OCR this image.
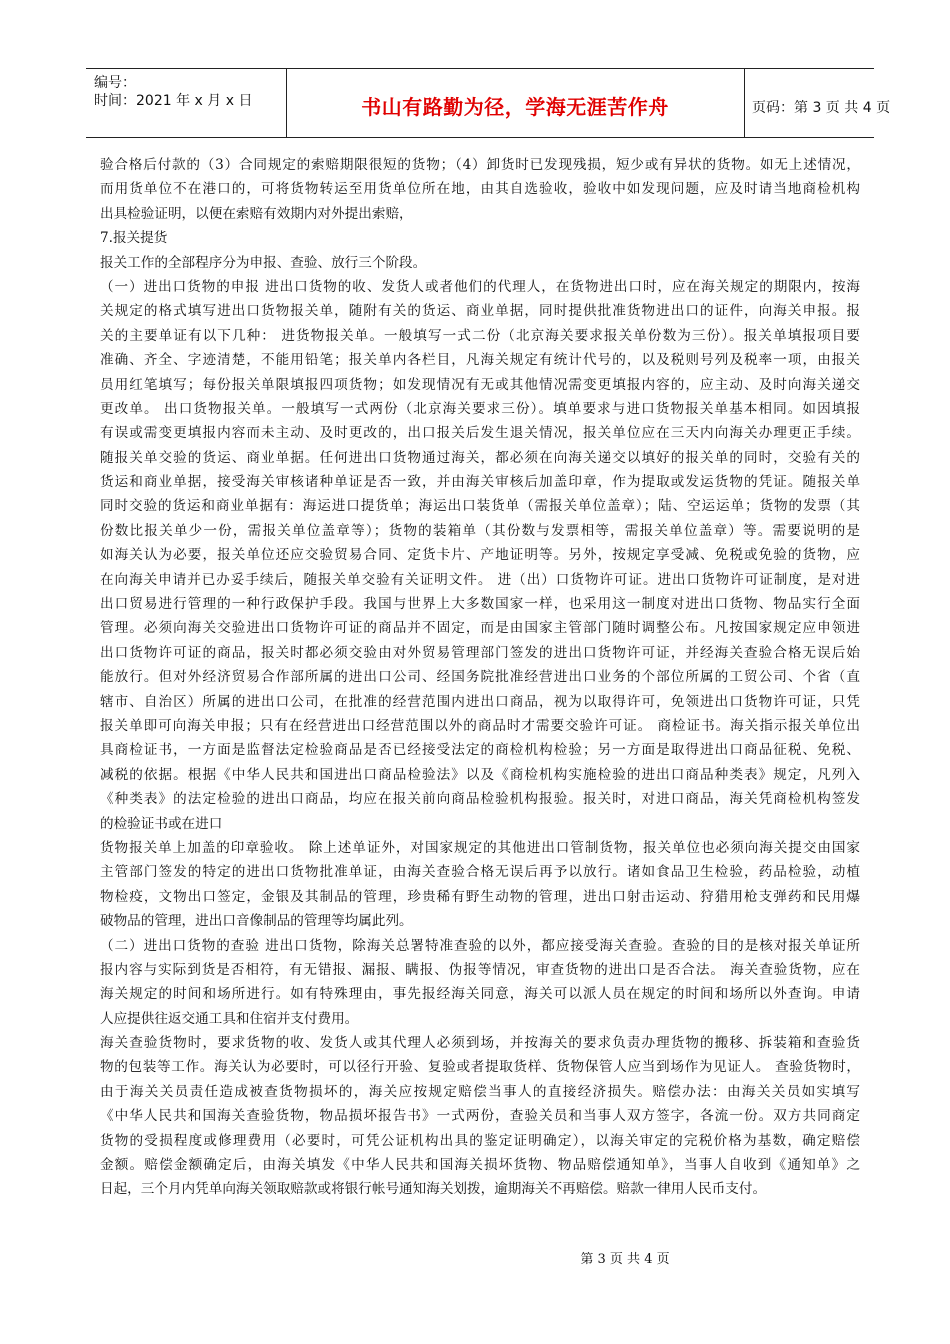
编号：
时间：2021 年 x 月 x 日	书山有路勤为径，学海无涯苦作舟	页码：第 3 页 共 4 页
验合格后付款的（3）合同规定的索赔期限很短的货物；（4）卸货时已发现残损，短少或有异状的货物。如无上述情况，
而用货单位不在港口的，可将货物转运至用货单位所在地，由其自选验收，验收中如发现问题，应及时请当地商检机构
出具检验证明，以便在索赔有效期内对外提出索赔，
7.报关提货
报关工作的全部程序分为申报、查验、放行三个阶段。
（一）进出口货物的申报 进出口货物的收、发货人或者他们的代理人，在货物进出口时，应在海关规定的期限内，按海
关规定的格式填写进出口货物报关单，随附有关的货运、商业单据，同时提供批准货物进出口的证件，向海关申报。报
关的主要单证有以下几种： 进货物报关单。一般填写一式二份（北京海关要求报关单份数为三份）。报关单填报项目要
准确、齐全、字迹清楚，不能用铅笔；报关单内各栏目，凡海关规定有统计代号的，以及税则号列及税率一项，由报关
员用红笔填写；每份报关单限填报四项货物；如发现情况有无或其他情况需变更填报内容的，应主动、及时向海关递交
更改单。 出口货物报关单。一般填写一式两份（北京海关要求三份）。填单要求与进口货物报关单基本相同。如因填报
有误或需变更填报内容而未主动、及时更改的，出口报关后发生退关情况，报关单位应在三天内向海关办理更正手续。
随报关单交验的货运、商业单据。任何进出口货物通过海关，都必须在向海关递交以填好的报关单的同时，交验有关的
货运和商业单据，接受海关审核诸种单证是否一致，并由海关审核后加盖印章，作为提取或发运货物的凭证。随报关单
同时交验的货运和商业单据有：海运进口提货单；海运出口装货单（需报关单位盖章）；陆、空运运单；货物的发票（其
份数比报关单少一份，需报关单位盖章等）；货物的装箱单（其份数与发票相等，需报关单位盖章）等。需要说明的是
如海关认为必要，报关单位还应交验贸易合同、定货卡片、产地证明等。另外，按规定享受减、免税或免验的货物，应
在向海关申请并已办妥手续后，随报关单交验有关证明文件。 进（出）口货物许可证。进出口货物许可证制度，是对进
出口贸易进行管理的一种行政保护手段。我国与世界上大多数国家一样，也采用这一制度对进出口货物、物品实行全面
管理。必须向海关交验进出口货物许可证的商品并不固定，而是由国家主管部门随时调整公布。凡按国家规定应申领进
出口货物许可证的商品，报关时都必须交验由对外贸易管理部门签发的进出口货物许可证，并经海关查验合格无误后始
能放行。但对外经济贸易合作部所属的进出口公司、经国务院批准经营进出口业务的个部位所属的工贸公司、个省（直
辖市、自治区）所属的进出口公司，在批准的经营范围内进出口商品，视为以取得许可，免领进出口货物许可证，只凭
报关单即可向海关申报；只有在经营进出口经营范围以外的商品时才需要交验许可证。 商检证书。海关指示报关单位出
具商检证书，一方面是监督法定检验商品是否已经接受法定的商检机构检验；另一方面是取得进出口商品征税、免税、
减税的依据。根据《中华人民共和国进出口商品检验法》以及《商检机构实施检验的进出口商品种类表》规定，凡列入
《种类表》的法定检验的进出口商品，均应在报关前向商品检验机构报验。报关时，对进口商品，海关凭商检机构签发
的检验证书或在进口
货物报关单上加盖的印章验收。 除上述单证外，对国家规定的其他进出口管制货物，报关单位也必须向海关提交由国家
主管部门签发的特定的进出口货物批准单证，由海关查验合格无误后再予以放行。诸如食品卫生检验，药品检验，动植
物检疫，文物出口签定，金银及其制品的管理，珍贵稀有野生动物的管理，进出口射击运动、狩猎用枪支弹药和民用爆
破物品的管理，进出口音像制品的管理等均属此列。
（二）进出口货物的查验 进出口货物，除海关总署特准查验的以外，都应接受海关查验。查验的目的是核对报关单证所
报内容与实际到货是否相符，有无错报、漏报、瞒报、伪报等情况，审查货物的进出口是否合法。 海关查验货物，应在
海关规定的时间和场所进行。如有特殊理由，事先报经海关同意，海关可以派人员在规定的时间和场所以外查询。申请
人应提供往返交通工具和住宿并支付费用。
海关查验货物时，要求货物的收、发货人或其代理人必须到场，并按海关的要求负责办理货物的搬移、拆装箱和查验货
物的包装等工作。海关认为必要时，可以径行开验、复验或者提取货样、货物保管人应当到场作为见证人。 查验货物时，
由于海关关员责任造成被查货物损坏的，海关应按规定赔偿当事人的直接经济损失。赔偿办法：由海关关员如实填写
《中华人民共和国海关查验货物，物品损坏报告书》一式两份，查验关员和当事人双方签字，各流一份。双方共同商定
货物的受损程度或修理费用（必要时，可凭公证机构出具的鉴定证明确定），以海关审定的完税价格为基数，确定赔偿
金额。赔偿金额确定后，由海关填发《中华人民共和国海关损坏货物、物品赔偿通知单》，当事人自收到《通知单》之
日起，三个月内凭单向海关领取赔款或将银行帐号通知海关划拨，逾期海关不再赔偿。赔款一律用人民币支付。
第 3 页 共 4 页
